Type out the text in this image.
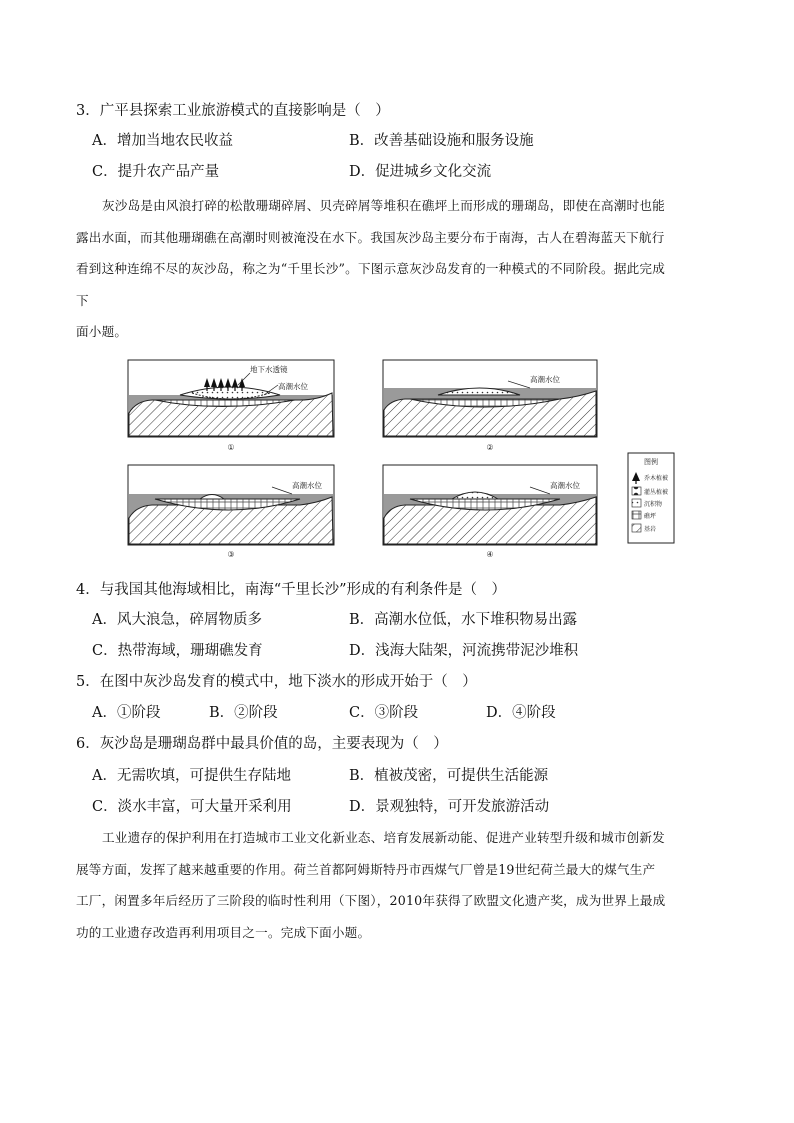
3．广平县探索工业旅游模式的直接影响是（　）
A．增加当地农民收益	B．改善基础设施和服务设施
C．提升农产品产量	D．促进城乡文化交流

灰沙岛是由风浪打碎的松散珊瑚碎屑、贝壳碎屑等堆积在礁坪上而形成的珊瑚岛，即使在高潮时也能

露出水面，而其他珊瑚礁在高潮时则被淹没在水下。我国灰沙岛主要分布于南海，古人在碧海蓝天下航行

看到这种连绵不尽的灰沙岛，称之为“千里长沙”。下图示意灰沙岛发育的一种模式的不同阶段。据此完成

下

面小题。

地下水透镜
高潮水位
①
高潮水位
②
高潮水位
③
高潮水位
④
图例
乔木植被
灌丛植被
沉积物
礁坪
基岩
4．与我国其他海域相比，南海“千里长沙”形成的有利条件是（　）
A．风大浪急，碎屑物质多	B．高潮水位低，水下堆积物易出露
C．热带海域，珊瑚礁发育	D．浅海大陆架，河流携带泥沙堆积
5．在图中灰沙岛发育的模式中，地下淡水的形成开始于（　）
A．①阶段	B．②阶段	C．③阶段	D．④阶段
6．灰沙岛是珊瑚岛群中最具价值的岛，主要表现为（　）
A．无需吹填，可提供生存陆地	B．植被茂密，可提供生活能源
C．淡水丰富，可大量开采利用	D．景观独特，可开发旅游活动

工业遗存的保护利用在打造城市工业文化新业态、培育发展新动能、促进产业转型升级和城市创新发

展等方面，发挥了越来越重要的作用。荷兰首都阿姆斯特丹市西煤气厂曾是19世纪荷兰最大的煤气生产

工厂，闲置多年后经历了三阶段的临时性利用（下图），2010年获得了欧盟文化遗产奖，成为世界上最成

功的工业遗存改造再利用项目之一。完成下面小题。
